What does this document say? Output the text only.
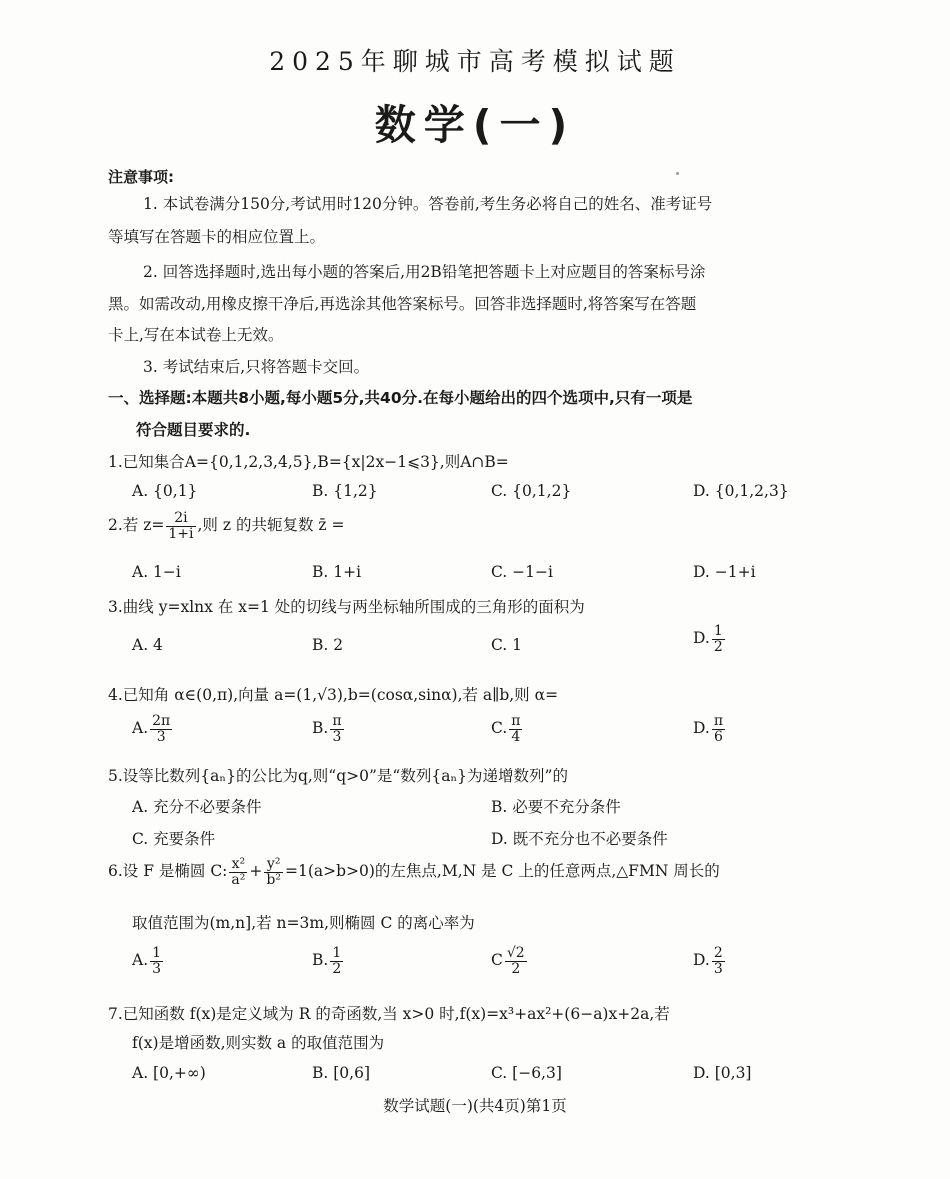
2025年聊城市高考模拟试题
数学(一)
注意事项:
1. 本试卷满分150分,考试用时120分钟。答卷前,考生务必将自己的姓名、准考证号
等填写在答题卡的相应位置上。
2. 回答选择题时,选出每小题的答案后,用2B铅笔把答题卡上对应题目的答案标号涂
黑。如需改动,用橡皮擦干净后,再选涂其他答案标号。回答非选择题时,将答案写在答题
卡上,写在本试卷上无效。
3. 考试结束后,只将答题卡交回。
一、选择题:本题共8小题,每小题5分,共40分.在每小题给出的四个选项中,只有一项是
符合题目要求的.
1.已知集合A={0,1,2,3,4,5},B={x|2x−1⩽3},则A∩B=
A. {0,1}	B. {1,2}	C. {0,1,2}	D. {0,1,2,3}
2.若 $z= \frac{2i}{1+i}$ ,则 z 的共轭复数 z̄ =
A. 1−i	B. 1+i	C. −1−i	D. −1+i
3.曲线 y=xlnx 在 x=1 处的切线与两坐标轴所围成的三角形的面积为
A. 4	B. 2	C. 1	D. $\frac{1}{2}$
4.已知角 α∈(0,π),向量 a=(1,√3),b=(cosα,sinα),若 a∥b,则 α=
A. $\frac{2\pi}{3}$	B. $\frac{\pi}{3}$	C. $\frac{\pi}{4}$	D. $\frac{\pi}{6}$
5.设等比数列{aₙ}的公比为q,则“q>0”是“数列{aₙ}为递增数列”的
A. 充分不必要条件	B. 必要不充分条件
C. 充要条件	D. 既不充分也不必要条件
6.设 F 是椭圆 C: $\frac{\text{x²}}{\text{a²}} + \frac{\text{y²}}{\text{b²}} =1(a>b>0)$的左焦点,M,N 是 C 上的任意两点,△FMN 周长的
取值范围为(m,n],若 n=3m,则椭圆 C 的离心率为
A. $\frac{1}{3}$	B. $\frac{1}{2}$	C $\frac{√2}{2}$	D. $\frac{2}{3}$
7.已知函数 f(x)是定义域为 R 的奇函数,当 x>0 时,f(x)=x³+ax²+(6−a)x+2a,若
f(x)是增函数,则实数 a 的取值范围为
A. [0,+∞)	B. [0,6]	C. [−6,3]	D. [0,3]
数学试题(一)(共4页)第1页
